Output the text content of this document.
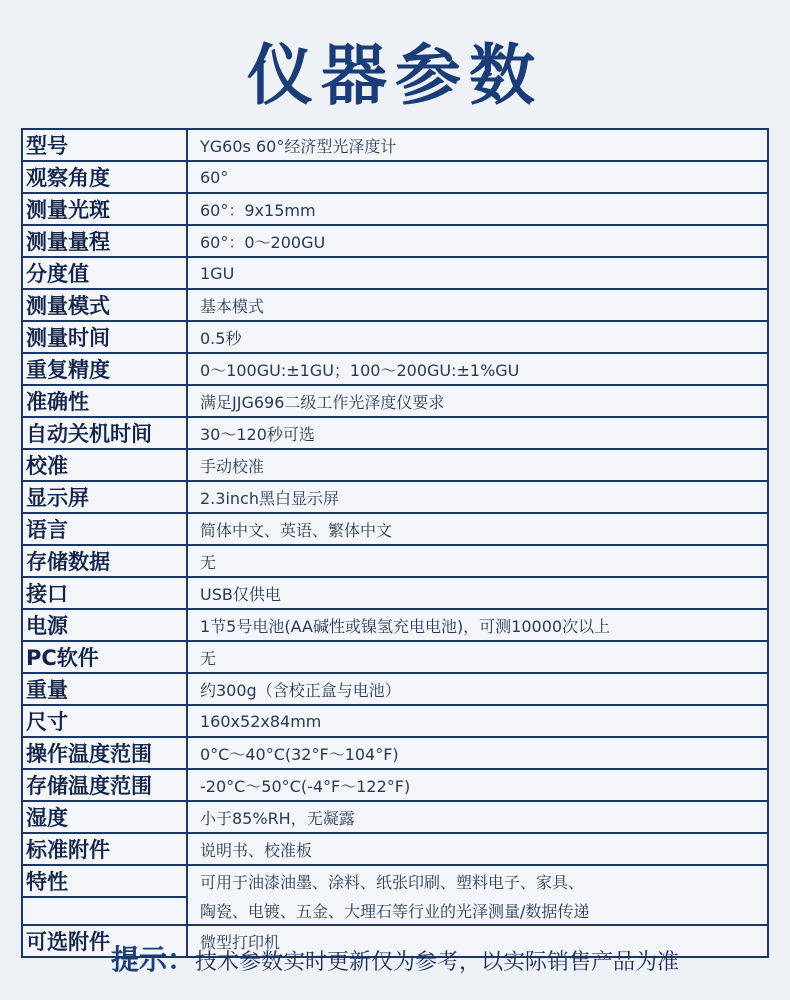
仪器参数
型号	YG60s 60°经济型光泽度计
观察角度	60°
测量光斑	60°：9x15mm
测量量程	60°：0～200GU
分度值	1GU
测量模式	基本模式
测量时间	0.5秒
重复精度	0～100GU:±1GU；100～200GU:±1%GU
准确性	满足JJG696二级工作光泽度仪要求
自动关机时间	30～120秒可选
校准	手动校准
显示屏	2.3inch黑白显示屏
语言	简体中文、英语、繁体中文
存储数据	无
接口	USB仅供电
电源	1节5号电池(AA碱性或镍氢充电电池)，可测10000次以上
PC软件	无
重量	约300g（含校正盒与电池）
尺寸	160x52x84mm
操作温度范围	0°C～40°C(32°F～104°F)
存储温度范围	-20°C～50°C(-4°F～122°F)
湿度	小于85%RH，无凝露
标准附件	说明书、校准板
特性	可用于油漆油墨、涂料、纸张印刷、塑料电子、家具、
	陶瓷、电镀、五金、大理石等行业的光泽测量/数据传递
可选附件	微型打印机
提示：技术参数实时更新仅为参考，以实际销售产品为准
